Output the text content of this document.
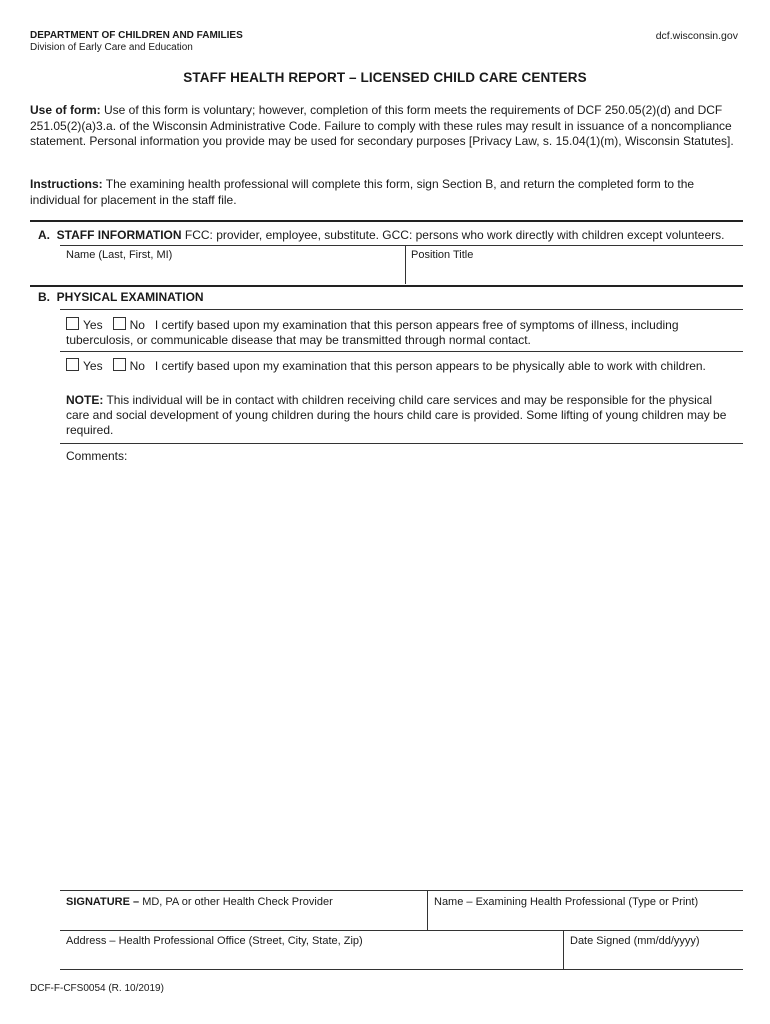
DEPARTMENT OF CHILDREN AND FAMILIES
Division of Early Care and Education
dcf.wisconsin.gov
STAFF HEALTH REPORT – LICENSED CHILD CARE CENTERS
Use of form: Use of this form is voluntary; however, completion of this form meets the requirements of DCF 250.05(2)(d) and DCF 251.05(2)(a)3.a. of the Wisconsin Administrative Code. Failure to comply with these rules may result in issuance of a noncompliance statement. Personal information you provide may be used for secondary purposes [Privacy Law, s. 15.04(1)(m), Wisconsin Statutes].
Instructions: The examining health professional will complete this form, sign Section B, and return the completed form to the individual for placement in the staff file.
A. STAFF INFORMATION FCC: provider, employee, substitute. GCC: persons who work directly with children except volunteers.
Name (Last, First, MI)	Position Title
B. PHYSICAL EXAMINATION
Yes No I certify based upon my examination that this person appears free of symptoms of illness, including tuberculosis, or communicable disease that may be transmitted through normal contact.
Yes No I certify based upon my examination that this person appears to be physically able to work with children.
NOTE: This individual will be in contact with children receiving child care services and may be responsible for the physical care and social development of young children during the hours child care is provided. Some lifting of young children may be required.
Comments:
SIGNATURE – MD, PA or other Health Check Provider	Name – Examining Health Professional (Type or Print)
Address – Health Professional Office (Street, City, State, Zip)	Date Signed (mm/dd/yyyy)
DCF-F-CFS0054 (R. 10/2019)
